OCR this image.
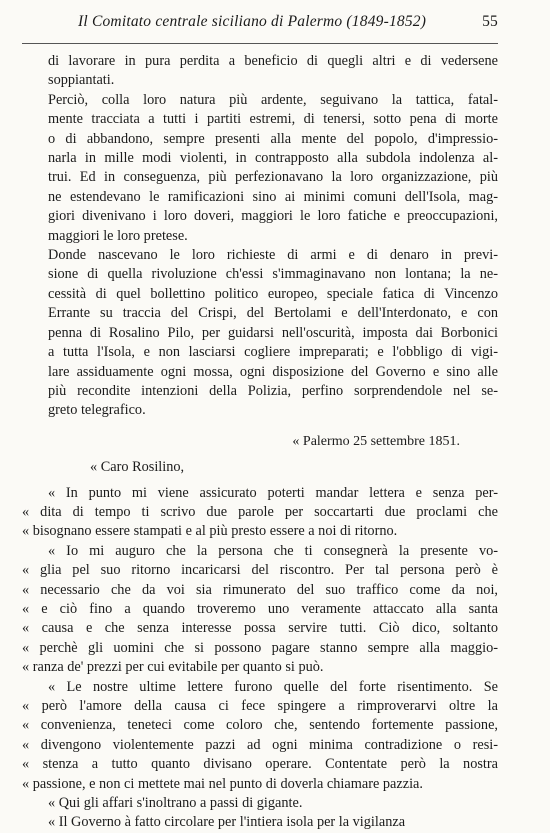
Il Comitato centrale siciliano di Palermo (1849-1852)	55
di lavorare in pura perdita a beneficio di quegli altri e di vedersene
soppiantati.
Perciò, colla loro natura più ardente, seguivano la tattica, fatal-
mente tracciata a tutti i partiti estremi, di tenersi, sotto pena di morte
o di abbandono, sempre presenti alla mente del popolo, d'impressio-
narla in mille modi violenti, in contrapposto alla subdola indolenza al-
trui. Ed in conseguenza, più perfezionavano la loro organizzazione, più
ne estendevano le ramificazioni sino ai minimi comuni dell'Isola, mag-
giori divenivano i loro doveri, maggiori le loro fatiche e preoccupazioni,
maggiori le loro pretese.
Donde nascevano le loro richieste di armi e di denaro in previ-
sione di quella rivoluzione ch'essi s'immaginavano non lontana; la ne-
cessità di quel bollettino politico europeo, speciale fatica di Vincenzo
Errante su traccia del Crispi, del Bertolami e dell'Interdonato, e con
penna di Rosalino Pilo, per guidarsi nell'oscurità, imposta dai Borbonici
a tutta l'Isola, e non lasciarsi cogliere impreparati; e l'obbligo di vigi-
lare assiduamente ogni mossa, ogni disposizione del Governo e sino alle
più recondite intenzioni della Polizia, perfino sorprendendole nel se-
greto telegrafico.
« Palermo 25 settembre 1851.
« Caro Rosilino,
« In punto mi viene assicurato poterti mandar lettera e senza per-
« dita di tempo ti scrivo due parole per soccartarti due proclami che
« bisognano essere stampati e al più presto essere a noi di ritorno.
« Io mi auguro che la persona che ti consegnerà la presente vo-
« glia pel suo ritorno incaricarsi del riscontro. Per tal persona però è
« necessario che da voi sia rimunerato del suo traffico come da noi,
« e ciò fino a quando troveremo uno veramente attaccato alla santa
« causa e che senza interesse possa servire tutti. Ciò dico, soltanto
« perchè gli uomini che si possono pagare stanno sempre alla maggio-
« ranza de' prezzi per cui evitabile per quanto si può.
« Le nostre ultime lettere furono quelle del forte risentimento. Se
« però l'amore della causa ci fece spingere a rimproverarvi oltre la
« convenienza, teneteci come coloro che, sentendo fortemente passione,
« divengono violentemente pazzi ad ogni minima contradizione o resi-
« stenza a tutto quanto divisano operare. Contentate però la nostra
« passione, e non ci mettete mai nel punto di doverla chiamare pazzia.
« Qui gli affari s'inoltrano a passi di gigante.
« Il Governo à fatto circolare per l'intiera isola per la vigilanza
